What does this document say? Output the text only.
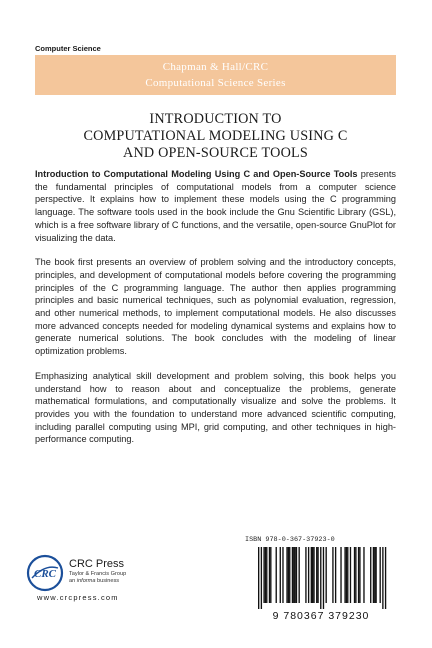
Computer Science
Chapman & Hall/CRC
Computational Science Series
INTRODUCTION TO
COMPUTATIONAL MODELING USING C
AND OPEN-SOURCE TOOLS

Introduction to Computational Modeling Using C and Open-Source Tools presents the fundamental principles of computational models from a computer science perspective. It explains how to implement these models using the C programming language. The software tools used in the book include the Gnu Scientific Library (GSL), which is a free software library of C functions, and the versatile, open-source GnuPlot for visualizing the data.

The book first presents an overview of problem solving and the introductory concepts, principles, and development of computational models before covering the programming principles of the C programming language. The author then applies programming principles and basic numerical techniques, such as polynomial evaluation, regression, and other numerical methods, to implement computational models. He also discusses more advanced concepts needed for modeling dynamical systems and explains how to generate numerical solutions. The book concludes with the modeling of linear optimization problems.

Emphasizing analytical skill development and problem solving, this book helps you understand how to reason about and conceptualize the problems, generate mathematical formulations, and computationally visualize and solve the problems. It provides you with the foundation to understand more advanced scientific computing, including parallel computing using MPI, grid computing, and other techniques in high-performance computing.

CRC
CRC Press
Taylor & Francis Group
an informa business
www.crcpress.com
ISBN 978-0-367-37923-0
9 780367 379230
